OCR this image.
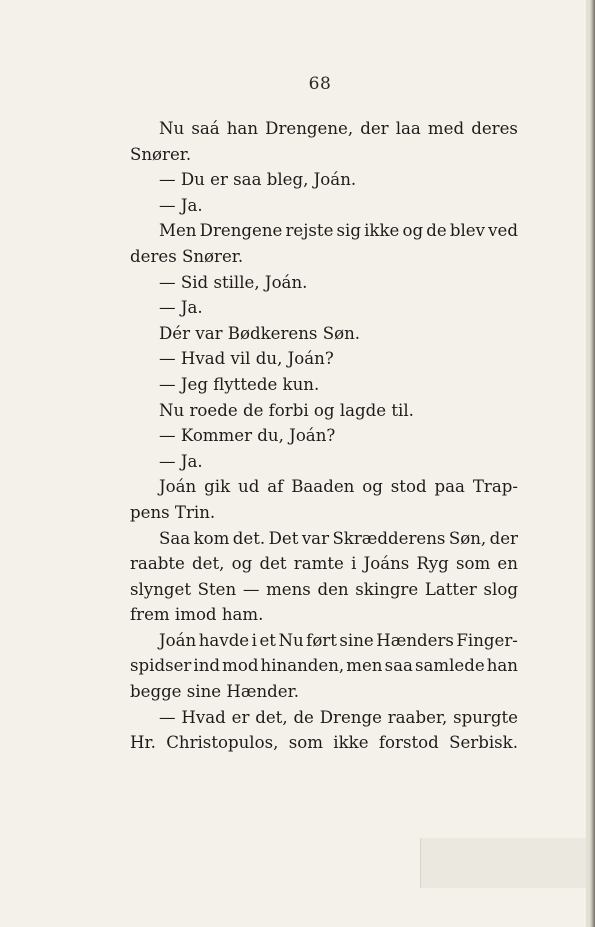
68
Nu saá han Drengene, der laa med deres
Snører.
— Du er saa bleg, Joán.
— Ja.
Men Drengene rejste sig ikke og de blev ved
deres Snører.
— Sid stille, Joán.
— Ja.
Dér var Bødkerens Søn.
— Hvad vil du, Joán?
— Jeg flyttede kun.
Nu roede de forbi og lagde til.
— Kommer du, Joán?
— Ja.
Joán gik ud af Baaden og stod paa Trap-
pens Trin.
Saa kom det. Det var Skrædderens Søn, der
raabte det, og det ramte i Joáns Ryg som en
slynget Sten — mens den skingre Latter slog
frem imod ham.
Joán havde i et Nu ført sine Hænders Finger-
spidser ind mod hinanden, men saa samlede han
begge sine Hænder.
— Hvad er det, de Drenge raaber, spurgte
Hr. Christopulos, som ikke forstod Serbisk.
